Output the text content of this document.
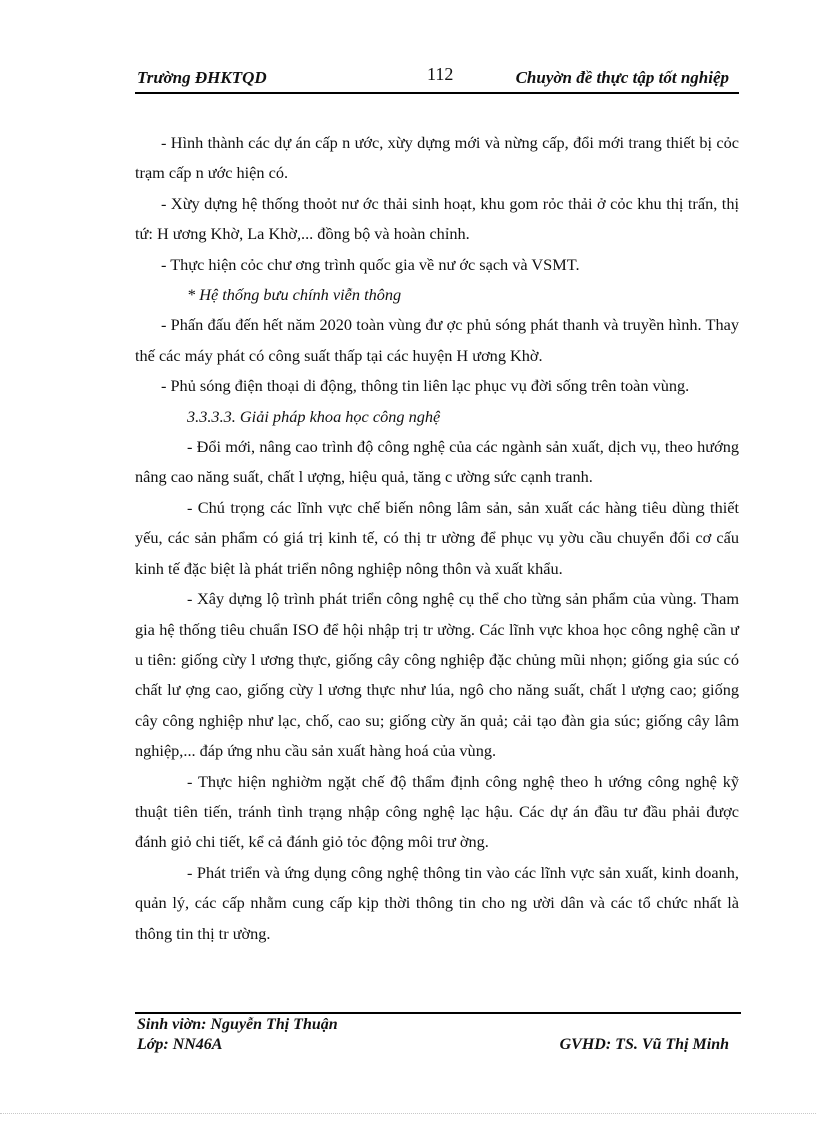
Trường ĐHKTQD	112	Chuyờn đề thực tập tốt nghiệp

- Hình thành các dự án cấp n ước, xừy dựng mới và nừng cấp, đổi mới trang thiết bị cỏc trạm cấp n ước hiện có.

- Xừy dựng hệ thống thoỏt nư ớc thải sinh hoạt, khu gom rỏc thải ở cỏc khu thị trấn, thị tứ: H ương Khờ, La Khờ,... đồng bộ và hoàn chỉnh.

- Thực hiện cỏc chư ơng trình quốc gia về nư ớc sạch và VSMT.

* Hệ thống bưu chính viễn thông

- Phấn đấu đến hết năm 2020 toàn vùng đư ợc phủ sóng phát thanh và truyền hình. Thay thế các máy phát có công suất thấp tại các huyện H ương Khờ.

- Phủ sóng điện thoại di động, thông tin liên lạc phục vụ đời sống trên toàn vùng.

3.3.3.3. Giải pháp khoa học công nghệ

- Đổi mới, nâng cao trình độ công nghệ của các ngành sản xuất, dịch vụ, theo hướng nâng cao năng suất, chất l ượng, hiệu quả, tăng c ường sức cạnh tranh.

- Chú trọng các lĩnh vực chế biến nông lâm sản, sản xuất các hàng tiêu dùng thiết yếu, các sản phẩm có giá trị kinh tế, có thị tr ường để phục vụ yờu cầu chuyển đổi cơ cấu kinh tế đặc biệt là phát triển nông nghiệp nông thôn và xuất khẩu.

- Xây dựng lộ trình phát triển công nghệ cụ thể cho từng sản phẩm của vùng. Tham gia hệ thống tiêu chuẩn ISO để hội nhập trị tr ường. Các lĩnh vực khoa học công nghệ cần ư u tiên: giống cừy l ương thực, giống cây công nghiệp đặc chủng mũi nhọn; giống gia súc có chất lư ợng cao, giống cừy l ương thực như lúa, ngô cho năng suất, chất l ượng cao; giống cây công nghiệp như lạc, chố, cao su; giống cừy ăn quả; cải tạo đàn gia súc; giống cây lâm nghiệp,... đáp ứng nhu cầu sản xuất hàng hoá của vùng.

- Thực hiện nghiờm ngặt chế độ thẩm định công nghệ theo h ướng công nghệ kỹ thuật tiên tiến, tránh tình trạng nhập công nghệ lạc hậu. Các dự án đầu tư đầu phải được đánh giỏ chi tiết, kể cả đánh giỏ tỏc động môi trư ờng.

- Phát triển và ứng dụng công nghệ thông tin vào các lĩnh vực sản xuất, kinh doanh, quản lý, các cấp nhằm cung cấp kịp thời thông tin cho ng ười dân và các tổ chức nhất là thông tin thị tr ường.

Sinh viờn: Nguyễn Thị Thuận
Lớp: NN46A	GVHD: TS. Vũ Thị Minh
